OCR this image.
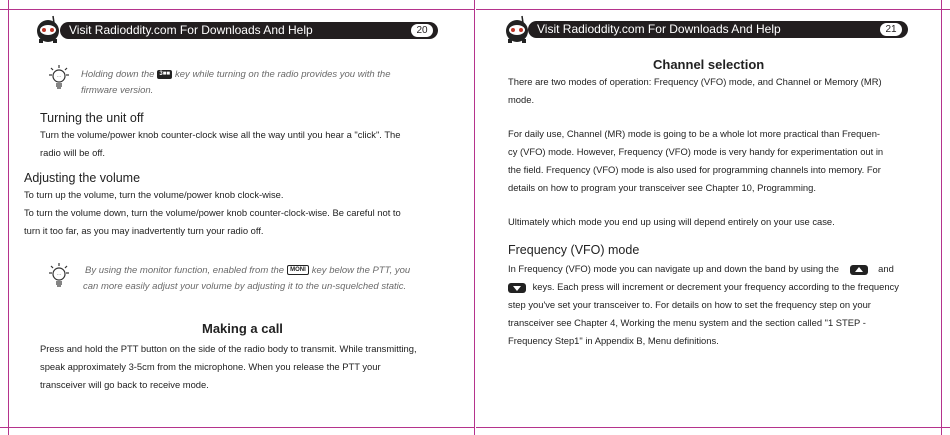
Visit Radioddity.com For Downloads And Help	20
··· Holding down the 3■■ key while turning on the radio provides you with the
firmware version.
Turning the unit off
Turn the volume/power knob counter-clock wise all the way until you hear a "click". The
radio will be off.
Adjusting the volume
To turn up the volume, turn the volume/power knob clock-wise.
To turn the volume down, turn the volume/power knob counter-clock-wise. Be careful not to
turn it too far, as you may inadvertently turn your radio off.
···	By using the monitor function, enabled from the MONI key below the PTT, you
can more easily adjust your volume by adjusting it to the un-squelched static.
Making a call
Press and hold the PTT button on the side of the radio body to transmit. While transmitting,
speak approximately 3-5cm from the microphone. When you release the PTT your
transceiver will go back to receive mode.
Visit Radioddity.com For Downloads And Help	21
Channel selection
There are two modes of operation: Frequency (VFO) mode, and Channel or Memory (MR)
mode.
For daily use, Channel (MR) mode is going to be a whole lot more practical than Frequen-
cy (VFO) mode. However, Frequency (VFO) mode is very handy for experimentation out in
the field. Frequency (VFO) mode is also used for programming channels into memory. For
details on how to program your transceiver see Chapter 10, Programming.
Ultimately which mode you end up using will depend entirely on your use case.
Frequency (VFO) mode
In Frequency (VFO) mode you can navigate up and down the band by using the	and
keys. Each press will increment or decrement your frequency according to the frequency
step you've set your transceiver to. For details on how to set the frequency step on your
transceiver see Chapter 4, Working the menu system and the section called "1 STEP -
Frequency Step1" in Appendix B, Menu definitions.
